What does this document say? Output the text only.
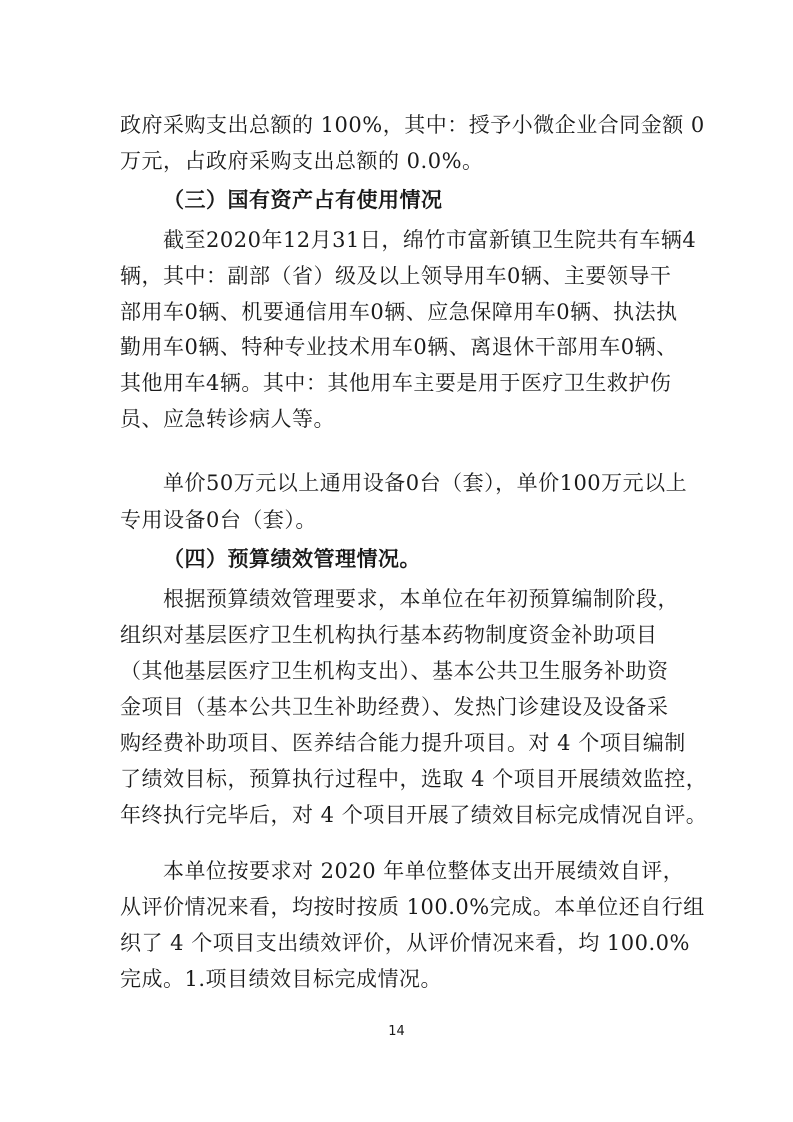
政府采购支出总额的 100%，其中：授予小微企业合同金额 0
万元，占政府采购支出总额的 0.0%。
（三）国有资产占有使用情况
截至2020年12月31日，绵竹市富新镇卫生院共有车辆4
辆，其中：副部（省）级及以上领导用车0辆、主要领导干
部用车0辆、机要通信用车0辆、应急保障用车0辆、执法执
勤用车0辆、特种专业技术用车0辆、离退休干部用车0辆、
其他用车4辆。其中：其他用车主要是用于医疗卫生救护伤
员、应急转诊病人等。
单价50万元以上通用设备0台（套），单价100万元以上
专用设备0台（套）。
（四）预算绩效管理情况。
根据预算绩效管理要求，本单位在年初预算编制阶段，
组织对基层医疗卫生机构执行基本药物制度资金补助项目
（其他基层医疗卫生机构支出）、基本公共卫生服务补助资
金项目（基本公共卫生补助经费）、发热门诊建设及设备采
购经费补助项目、医养结合能力提升项目。对 4 个项目编制
了绩效目标，预算执行过程中，选取 4 个项目开展绩效监控，
年终执行完毕后，对 4 个项目开展了绩效目标完成情况自评。
本单位按要求对 2020 年单位整体支出开展绩效自评，
从评价情况来看，均按时按质 100.0%完成。本单位还自行组
织了 4 个项目支出绩效评价，从评价情况来看，均 100.0%
完成。1.项目绩效目标完成情况。
14
